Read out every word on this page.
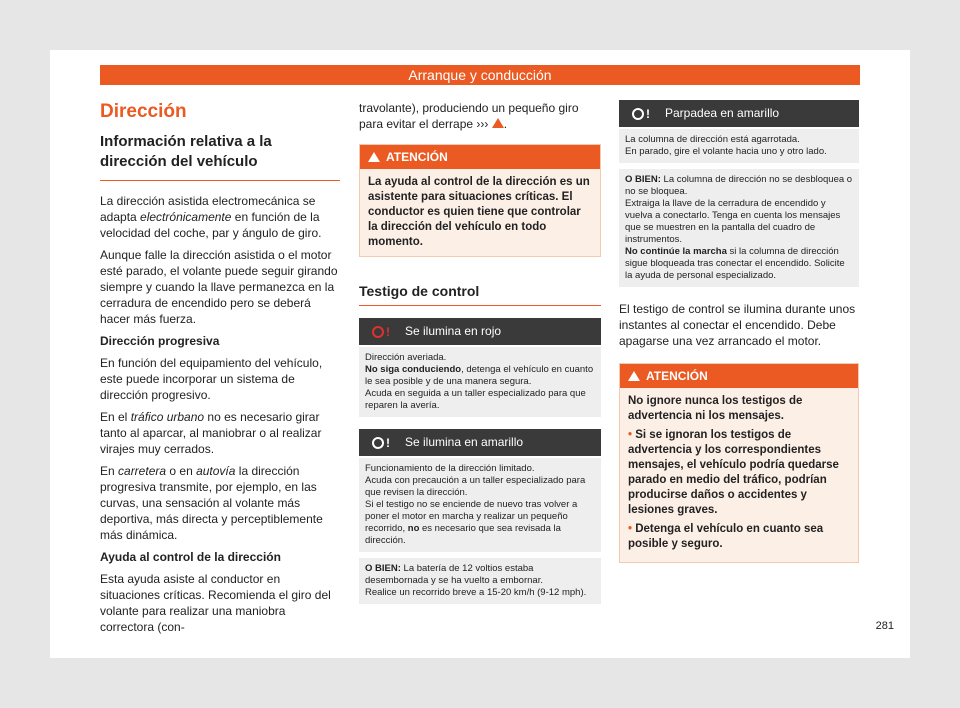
Arranque y conducción
Dirección
Información relativa a la dirección del vehículo

La dirección asistida electromecánica se adapta electrónicamente en función de la velocidad del coche, par y ángulo de giro.

Aunque falle la dirección asistida o el motor esté parado, el volante puede seguir girando siempre y cuando la llave permanezca en la cerradura de encendido pero se deberá hacer más fuerza.

Dirección progresiva

En función del equipamiento del vehículo, este puede incorporar un sistema de dirección progresivo.

En el tráfico urbano no es necesario girar tanto al aparcar, al maniobrar o al realizar virajes muy cerrados.

En carretera o en autovía la dirección progresiva transmite, por ejemplo, en las curvas, una sensación al volante más deportiva, más directa y perceptiblemente más dinámica.

Ayuda al control de la dirección

Esta ayuda asiste al conductor en situaciones críticas. Recomienda el giro del volante para realizar una maniobra correctora (con-

travolante), produciendo un pequeño giro para evitar el derrape ››› .

ATENCIÓN
La ayuda al control de la dirección es un asistente para situaciones críticas. El conductor es quien tiene que controlar la dirección del vehículo en todo momento.
Testigo de control
!	Se ilumina en rojo

Dirección averiada.

No siga conduciendo, detenga el vehículo en cuanto le sea posible y de una manera segura.

Acuda en seguida a un taller especializado para que reparen la avería.

!	Se ilumina en amarillo

Funcionamiento de la dirección limitado.

Acuda con precaución a un taller especializado para que revisen la dirección.

Si el testigo no se enciende de nuevo tras volver a poner el motor en marcha y realizar un pequeño recorrido, no es necesario que sea revisada la dirección.

O BIEN: La batería de 12 voltios estaba desembornada y se ha vuelto a embornar.

Realice un recorrido breve a 15-20 km/h (9-12 mph).

!	Parpadea en amarillo

La columna de dirección está agarrotada.

En parado, gire el volante hacia uno y otro lado.

O BIEN: La columna de dirección no se desbloquea o no se bloquea.

Extraiga la llave de la cerradura de encendido y vuelva a conectarlo. Tenga en cuenta los mensajes que se muestren en la pantalla del cuadro de instrumentos.

No continúe la marcha si la columna de dirección sigue bloqueada tras conectar el encendido. Solicite la ayuda de personal especializado.

El testigo de control se ilumina durante unos instantes al conectar el encendido. Debe apagarse una vez arrancado el motor.

ATENCIÓN

No ignore nunca los testigos de advertencia ni los mensajes.

• Si se ignoran los testigos de advertencia y los correspondientes mensajes, el vehículo podría quedarse parado en medio del tráfico, podrían producirse daños o accidentes y lesiones graves.

• Detenga el vehículo en cuanto sea posible y seguro.

281
